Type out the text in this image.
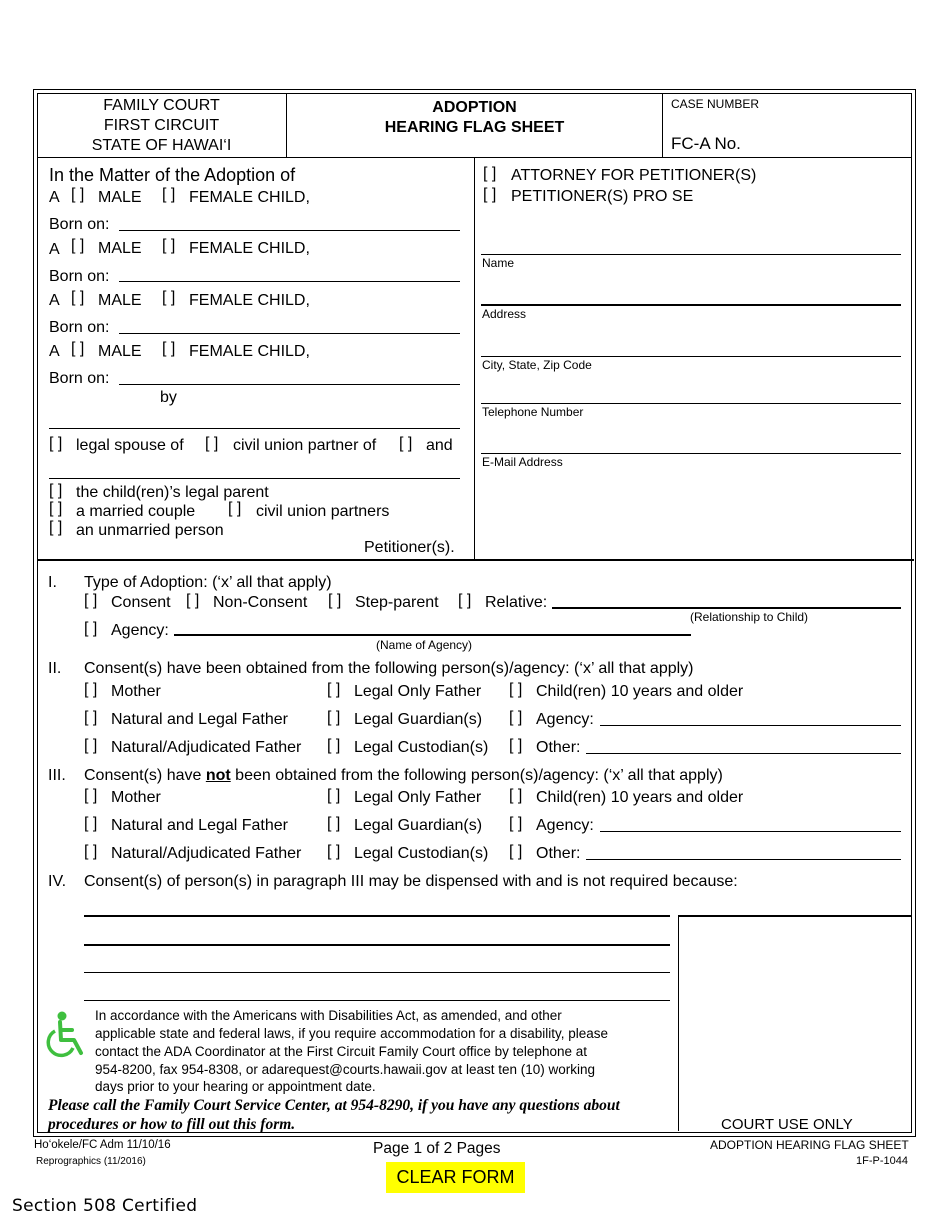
FAMILY COURT
FIRST CIRCUIT
STATE OF HAWAI‘I
ADOPTION
HEARING FLAG SHEET
CASE NUMBER
FC-A No.
In the Matter of the Adoption of
A [ ] MALE [ ] FEMALE CHILD,
Born on:
A [ ] MALE [ ] FEMALE CHILD,
Born on:
A [ ] MALE [ ] FEMALE CHILD,
Born on:
A [ ] MALE [ ] FEMALE CHILD,
Born on:
by
[ ] legal spouse of [ ] civil union partner of [ ] and
[ ] the child(ren)’s legal parent
[ ] a married couple [ ] civil union partners
[ ] an unmarried person
Petitioner(s).
[ ] ATTORNEY FOR PETITIONER(S)
[ ] PETITIONER(S) PRO SE
Name
Address
City, State, Zip Code
Telephone Number
E-Mail Address
I. Type of Adoption: (‘x’ all that apply)
[ ] Consent [ ] Non-Consent [ ] Step-parent [ ] Relative:
(Relationship to Child)
[ ] Agency:
(Name of Agency)
II. Consent(s) have been obtained from the following person(s)/agency: (‘x’ all that apply)
[ ] Mother	[ ] Legal Only Father [ ] Child(ren) 10 years and older
[ ] Natural and Legal Father [ ] Legal Guardian(s) [ ] Agency:
[ ] Natural/Adjudicated Father [ ] Legal Custodian(s) [ ] Other:
III. Consent(s) have not been obtained from the following person(s)/agency: (‘x’ all that apply)
[ ] Mother	[ ] Legal Only Father [ ] Child(ren) 10 years and older
[ ] Natural and Legal Father [ ] Legal Guardian(s) [ ] Agency:
[ ] Natural/Adjudicated Father [ ] Legal Custodian(s) [ ] Other:
IV. Consent(s) of person(s) in paragraph III may be dispensed with and is not required because:
COURT USE ONLY
In accordance with the Americans with Disabilities Act, as amended, and other
applicable state and federal laws, if you require accommodation for a disability, please
contact the ADA Coordinator at the First Circuit Family Court office by telephone at
954-8200, fax 954-8308, or adarequest@courts.hawaii.gov at least ten (10) working
days prior to your hearing or appointment date.
Please call the Family Court Service Center, at 954-8290, if you have any questions about
procedures or how to fill out this form.
Ho‘okele/FC Adm 11/10/16
Reprographics (11/2016)
Page 1 of 2 Pages	ADOPTION HEARING FLAG SHEET
1F-P-1044
CLEAR FORM
Section 508 Certified
